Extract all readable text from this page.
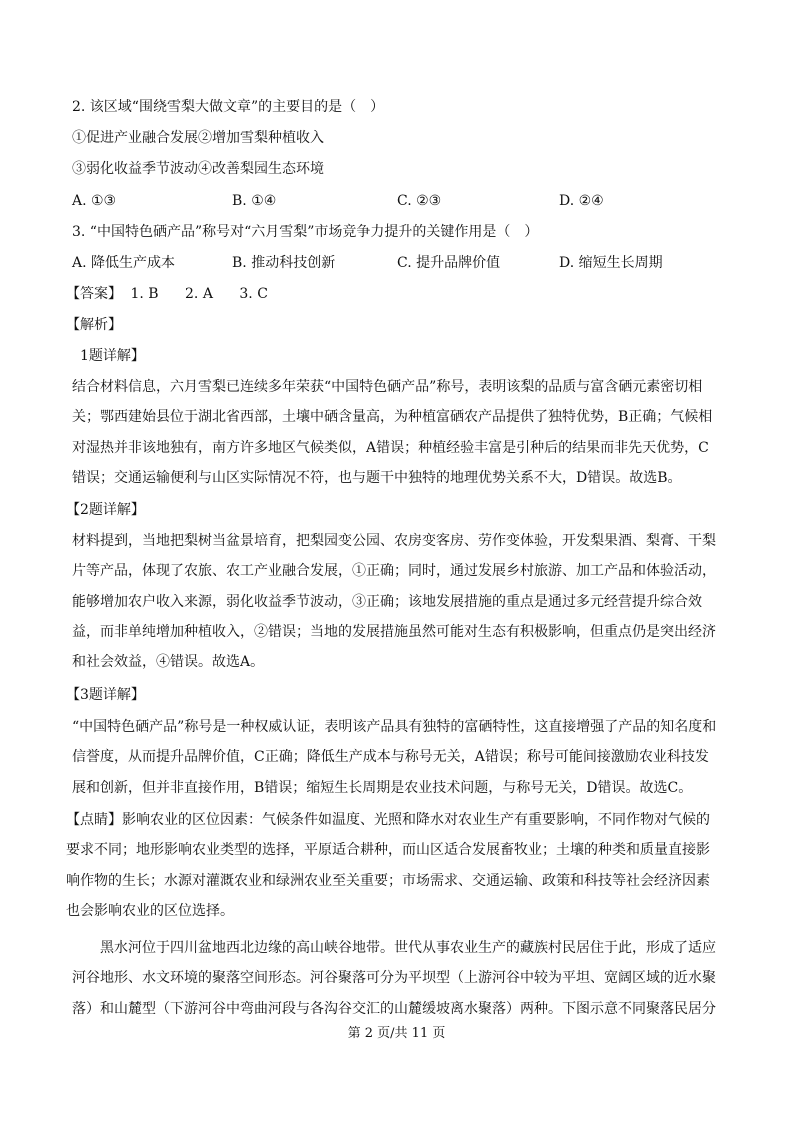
2. 该区域“围绕雪梨大做文章”的主要目的是（　）
①促进产业融合发展②增加雪梨种植收入
③弱化收益季节波动④改善梨园生态环境
A. ①③	B. ①④	C. ②③	D. ②④
3. “中国特色硒产品”称号对“六月雪梨”市场竞争力提升的关键作用是（　）
A. 降低生产成本	B. 推动科技创新	C. 提升品牌价值	D. 缩短生长周期
【答案】 1. B 2. A 3. C
【解析】
1题详解】
结合材料信息，六月雪梨已连续多年荣获“中国特色硒产品”称号，表明该梨的品质与富含硒元素密切相关；鄂西建始县位于湖北省西部，土壤中硒含量高，为种植富硒农产品提供了独特优势，B正确；气候相对湿热并非该地独有，南方许多地区气候类似，A错误；种植经验丰富是引种后的结果而非先天优势，C错误；交通运输便利与山区实际情况不符，也与题干中独特的地理优势关系不大，D错误。故选B。
【2题详解】
材料提到，当地把梨树当盆景培育，把梨园变公园、农房变客房、劳作变体验，开发梨果酒、梨膏、干梨片等产品，体现了农旅、农工产业融合发展，①正确；同时，通过发展乡村旅游、加工产品和体验活动，能够增加农户收入来源，弱化收益季节波动，③正确；该地发展措施的重点是通过多元经营提升综合效益，而非单纯增加种植收入，②错误；当地的发展措施虽然可能对生态有积极影响，但重点仍是突出经济和社会效益，④错误。故选A。
【3题详解】
“中国特色硒产品”称号是一种权威认证，表明该产品具有独特的富硒特性，这直接增强了产品的知名度和信誉度，从而提升品牌价值，C正确；降低生产成本与称号无关，A错误；称号可能间接激励农业科技发展和创新，但并非直接作用，B错误；缩短生长周期是农业技术问题，与称号无关，D错误。故选C。
【点睛】影响农业的区位因素：气候条件如温度、光照和降水对农业生产有重要影响，不同作物对气候的要求不同；地形影响农业类型的选择，平原适合耕种，而山区适合发展畜牧业；土壤的种类和质量直接影响作物的生长；水源对灌溉农业和绿洲农业至关重要；市场需求、交通运输、政策和科技等社会经济因素也会影响农业的区位选择。
黑水河位于四川盆地西北边缘的高山峡谷地带。世代从事农业生产的藏族村民居住于此，形成了适应河谷地形、水文环境的聚落空间形态。河谷聚落可分为平坝型（上游河谷中较为平坦、宽阔区域的近水聚落）和山麓型（下游河谷中弯曲河段与各沟谷交汇的山麓缓坡离水聚落）两种。下图示意不同聚落民居分
第 2 页/共 11 页
